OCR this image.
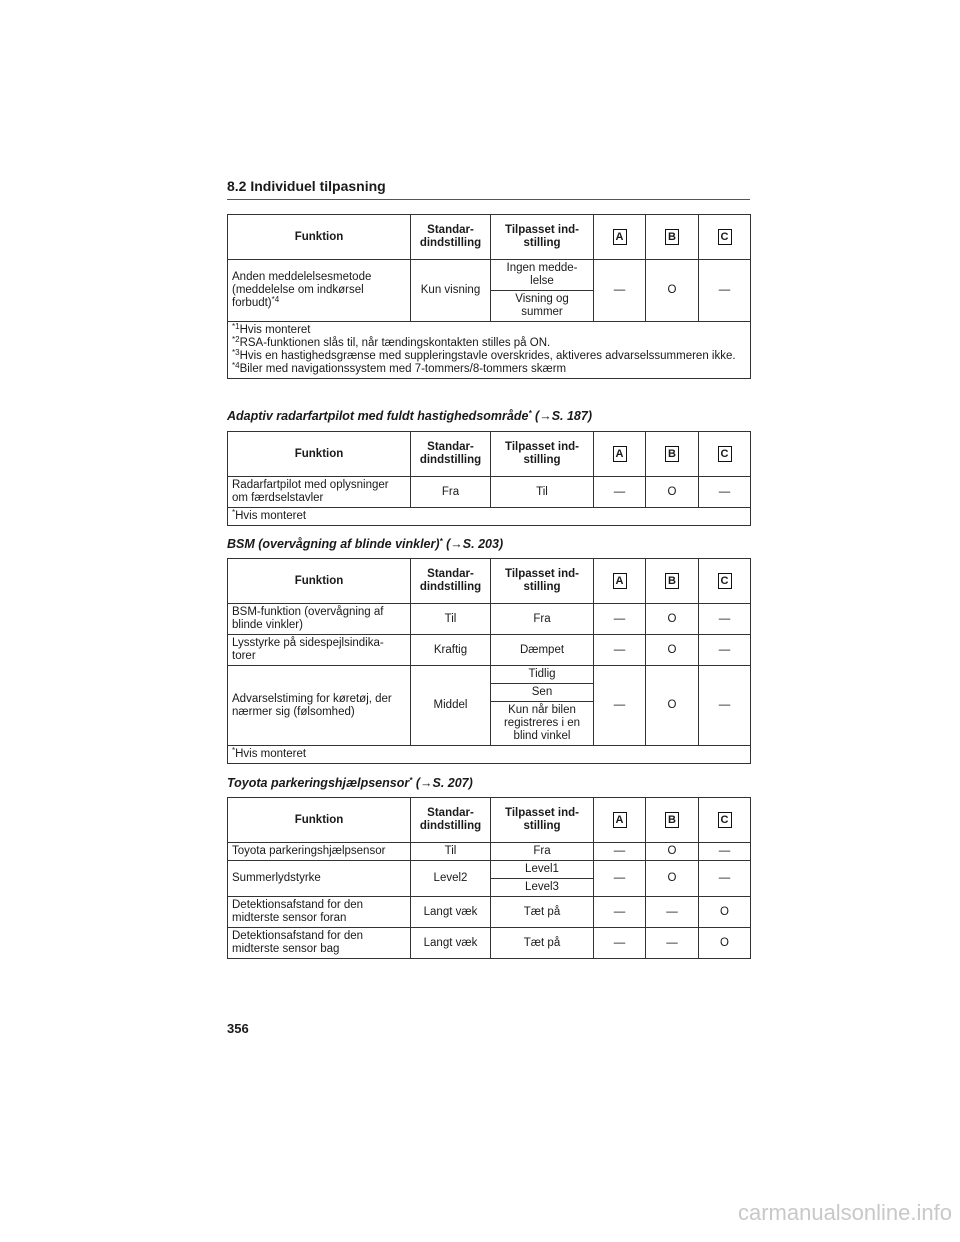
8.2 Individuel tilpasning
Funktion	Standar- dindstilling	Tilpasset ind- stilling	A	B	C
Anden meddelelsesmetode (meddelelse om indkørsel forbudt)$^{*4}$	Kun visning	Ingen medde- lelse	—	O	—
		Visning og summer			

$^{*1}$Hvis monteret
$^{*2}$RSA-funktionen slås til, når tændingskontakten stilles på ON.
$^{*3}$Hvis en hastighedsgrænse med suppleringstavle overskrides, aktiveres advarselssummeren ikke.
$^{*4}$Biler med navigationssystem med 7-tommers/8-tommers skærm					
Adaptiv radarfartpilot med fuldt hastighedsområde* (→S. 187)
Funktion	Standar- dindstilling	Tilpasset ind- stilling	A	B	C
Radarfartpilot med oplysninger om færdselstavler	Fra	Til	—	O	—
*Hvis monteret					
BSM (overvågning af blinde vinkler)* (→S. 203)
Funktion	Standar- dindstilling	Tilpasset ind- stilling	A	B	C
BSM-funktion (overvågning af blinde vinkler)	Til	Fra	—	O	—
Lysstyrke på sidespejlsindika- torer	Kraftig	Dæmpet	—	O	—
Advarselstiming for køretøj, der nærmer sig (følsomhed)	Middel	Tidlig	—	O	—
		Sen			
		Kun når bilen registreres i en blind vinkel			
*Hvis monteret					
Toyota parkeringshjælpsensor* (→S. 207)
Funktion	Standar- dindstilling	Tilpasset ind- stilling	A	B	C
Toyota parkeringshjælpsensor	Til	Fra	—	O	—
Summerlydstyrke	Level2	Level1	—	O	—
		Level3			
Detektionsafstand for den midterste sensor foran	Langt væk	Tæt på	—	—	O
Detektionsafstand for den midterste sensor bag	Langt væk	Tæt på	—	—	O
356
carmanualsonline.info
